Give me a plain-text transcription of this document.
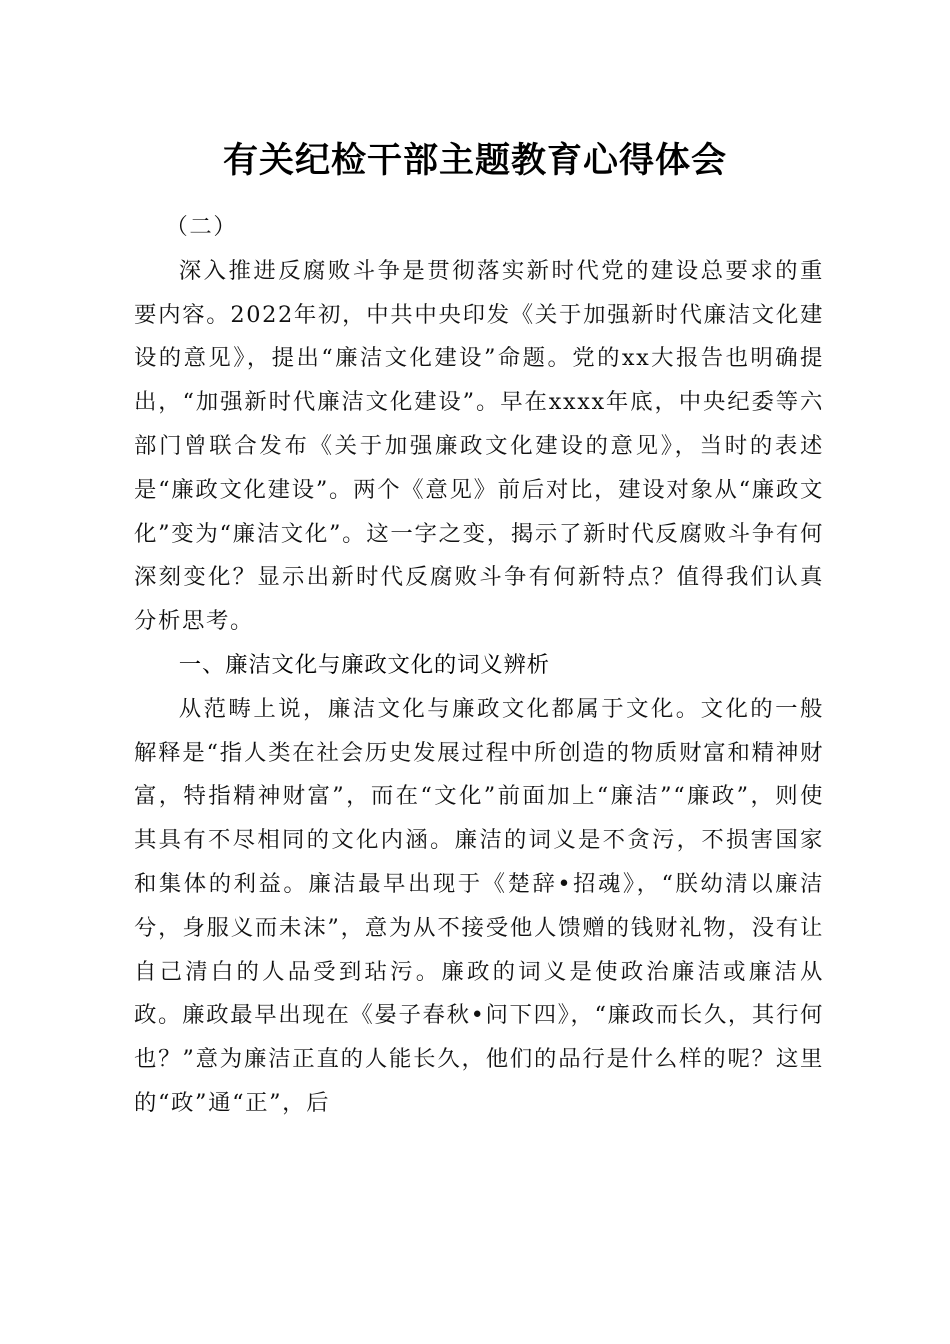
有关纪检干部主题教育心得体会

（二）

深入推进反腐败斗争是贯彻落实新时代党的建设总要求的重要内容。2022年初，中共中央印发《关于加强新时代廉洁文化建设的意见》，提出“廉洁文化建设”命题。党的xx大报告也明确提出，“加强新时代廉洁文化建设”。早在xxxx年底，中央纪委等六部门曾联合发布《关于加强廉政文化建设的意见》，当时的表述是“廉政文化建设”。两个《意见》前后对比，建设对象从“廉政文化”变为“廉洁文化”。这一字之变，揭示了新时代反腐败斗争有何深刻变化？显示出新时代反腐败斗争有何新特点？值得我们认真分析思考。

一、廉洁文化与廉政文化的词义辨析

从范畴上说，廉洁文化与廉政文化都属于文化。文化的一般解释是“指人类在社会历史发展过程中所创造的物质财富和精神财富，特指精神财富”，而在“文化”前面加上“廉洁”“廉政”，则使其具有不尽相同的文化内涵。廉洁的词义是不贪污，不损害国家和集体的利益。廉洁最早出现于《楚辞•招魂》，“朕幼清以廉洁兮，身服义而未沫”，意为从不接受他人馈赠的钱财礼物，没有让自己清白的人品受到玷污。廉政的词义是使政治廉洁或廉洁从政。廉政最早出现在《晏子春秋•问下四》，“廉政而长久，其行何也？”意为廉洁正直的人能长久，他们的品行是什么样的呢？这里的“政”通“正”，后
